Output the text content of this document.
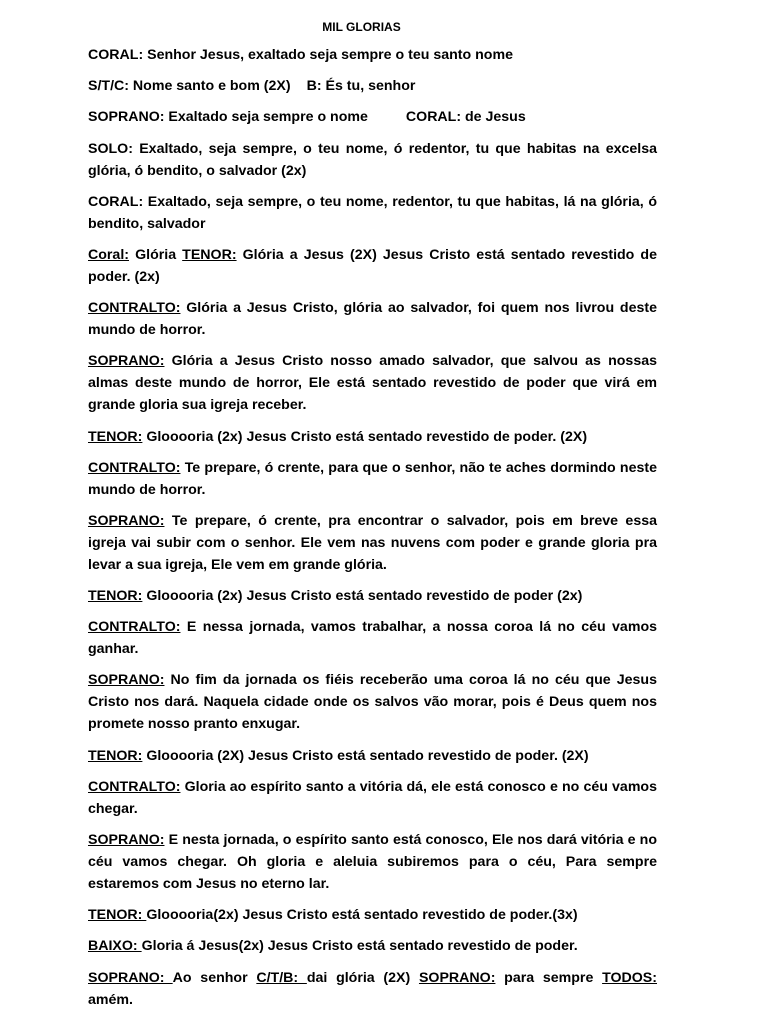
MIL GLORIAS
CORAL: Senhor Jesus, exaltado seja sempre o teu santo nome
S/T/C: Nome santo e bom (2X) B: És tu, senhor
SOPRANO: Exaltado seja sempre o nome	CORAL: de Jesus
SOLO: Exaltado, seja sempre, o teu nome, ó redentor, tu que habitas na excelsa glória, ó bendito, o salvador (2x)
CORAL: Exaltado, seja sempre, o teu nome, redentor, tu que habitas, lá na glória, ó bendito, salvador
Coral: Glória TENOR: Glória a Jesus (2X) Jesus Cristo está sentado revestido de poder. (2x)
CONTRALTO: Glória a Jesus Cristo, glória ao salvador, foi quem nos livrou deste mundo de horror.
SOPRANO: Glória a Jesus Cristo nosso amado salvador, que salvou as nossas almas deste mundo de horror, Ele está sentado revestido de poder que virá em grande gloria sua igreja receber.
TENOR: Glooooria (2x) Jesus Cristo está sentado revestido de poder. (2X)
CONTRALTO: Te prepare, ó crente, para que o senhor, não te aches dormindo neste mundo de horror.
SOPRANO: Te prepare, ó crente, pra encontrar o salvador, pois em breve essa igreja vai subir com o senhor. Ele vem nas nuvens com poder e grande gloria pra levar a sua igreja, Ele vem em grande glória.
TENOR: Glooooria (2x) Jesus Cristo está sentado revestido de poder (2x)
CONTRALTO: E nessa jornada, vamos trabalhar, a nossa coroa lá no céu vamos ganhar.
SOPRANO: No fim da jornada os fiéis receberão uma coroa lá no céu que Jesus Cristo nos dará. Naquela cidade onde os salvos vão morar, pois é Deus quem nos promete nosso pranto enxugar.
TENOR: Glooooria (2X) Jesus Cristo está sentado revestido de poder. (2X)
CONTRALTO: Gloria ao espírito santo a vitória dá, ele está conosco e no céu vamos chegar.
SOPRANO: E nesta jornada, o espírito santo está conosco, Ele nos dará vitória e no céu vamos chegar. Oh gloria e aleluia subiremos para o céu, Para sempre estaremos com Jesus no eterno lar.
TENOR: Glooooria(2x) Jesus Cristo está sentado revestido de poder.(3x)
BAIXO: Gloria á Jesus(2x) Jesus Cristo está sentado revestido de poder.
SOPRANO: Ao senhor C/T/B: dai glória (2X) SOPRANO: para sempre TODOS: amém.
